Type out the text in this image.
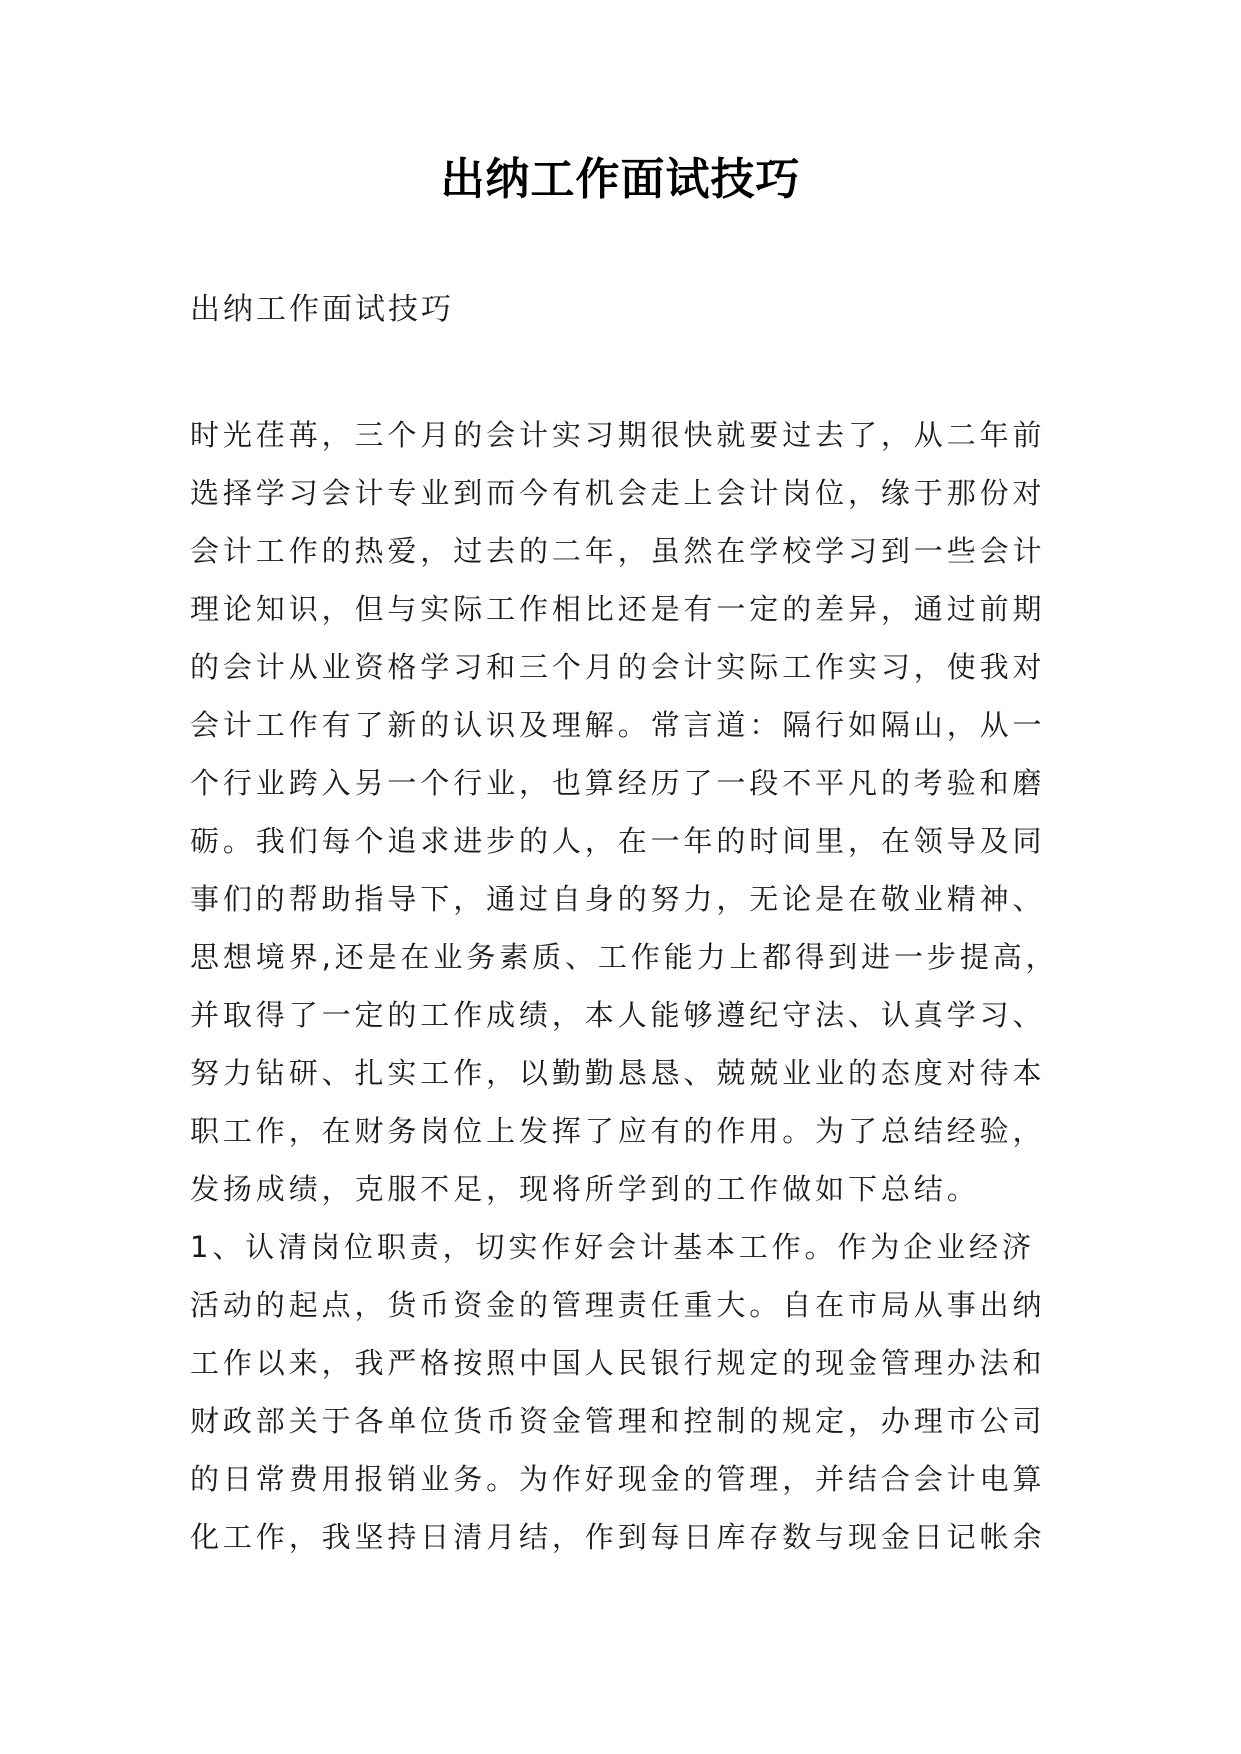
出纳工作面试技巧

出纳工作面试技巧

时光荏苒，三个月的会计实习期很快就要过去了，从二年前
选择学习会计专业到而今有机会走上会计岗位，缘于那份对
会计工作的热爱，过去的二年，虽然在学校学习到一些会计
理论知识，但与实际工作相比还是有一定的差异，通过前期
的会计从业资格学习和三个月的会计实际工作实习，使我对
会计工作有了新的认识及理解。常言道：隔行如隔山，从一
个行业跨入另一个行业，也算经历了一段不平凡的考验和磨
砺。我们每个追求进步的人，在一年的时间里，在领导及同
事们的帮助指导下，通过自身的努力，无论是在敬业精神、
思想境界,还是在业务素质、工作能力上都得到进一步提高，
并取得了一定的工作成绩，本人能够遵纪守法、认真学习、
努力钻研、扎实工作，以勤勤恳恳、兢兢业业的态度对待本
职工作，在财务岗位上发挥了应有的作用。为了总结经验，
发扬成绩，克服不足，现将所学到的工作做如下总结。
1、认清岗位职责，切实作好会计基本工作。作为企业经济
活动的起点，货币资金的管理责任重大。自在市局从事出纳
工作以来，我严格按照中国人民银行规定的现金管理办法和
财政部关于各单位货币资金管理和控制的规定，办理市公司
的日常费用报销业务。为作好现金的管理，并结合会计电算
化工作，我坚持日清月结，作到每日库存数与现金日记帐余
